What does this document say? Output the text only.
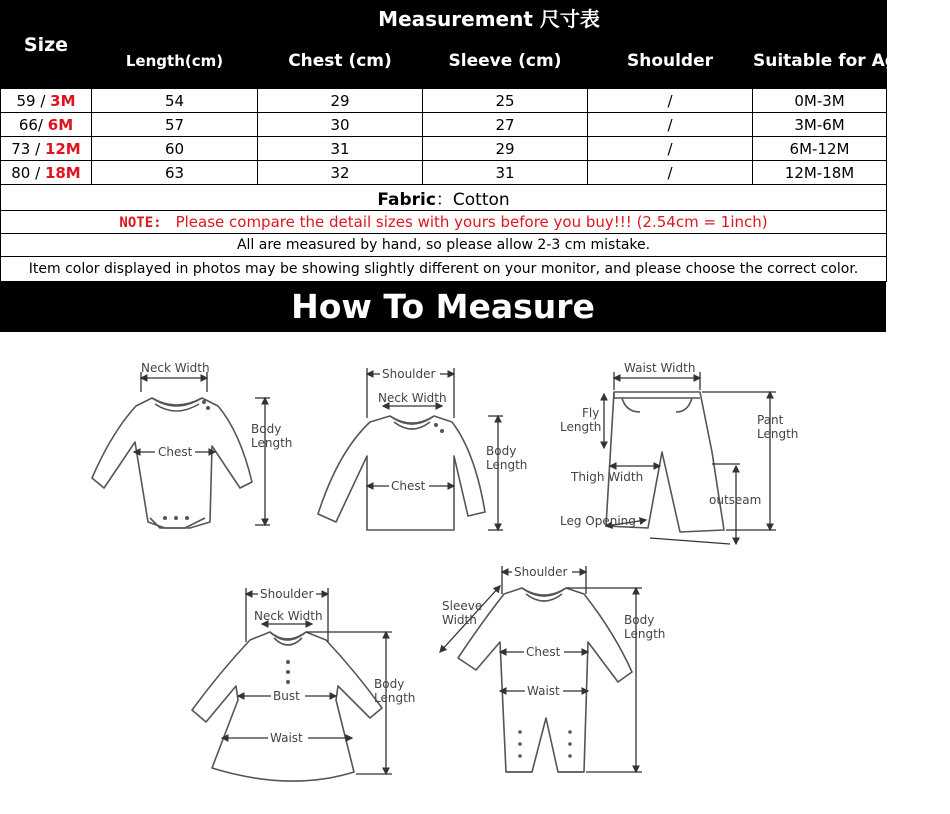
Size	Measurement 尺寸表				
	Length(cm)	Chest (cm)	Sleeve (cm)	Shoulder	Suitable for Age and
59 / 3M	54	29	25	/	0M-3M
66/ 6M	57	30	27	/	3M-6M
73 / 12M	60	31	29	/	6M-12M
80 / 18M	63	32	31	/	12M-18M
Fabric：Cotton					
NOTE: Please compare the detail sizes with yours before you buy!!! (2.54cm = 1inch)					
All are measured by hand, so please allow 2-3 cm mistake.					
Item color displayed in photos may be showing slightly different on your monitor, and please choose the correct color.					
How To Measure
Neck Width
Chest
Body
Length
Shoulder
Neck Width
Chest
Body
Length
Waist Width
Fly
Length	Pant
Length
Thigh Width
outseam
Leg Opening
Shoulder
Neck Width
Bust
Waist
Body
Length
Shoulder
Sleeve
Width
Chest
Waist
Body
Length
